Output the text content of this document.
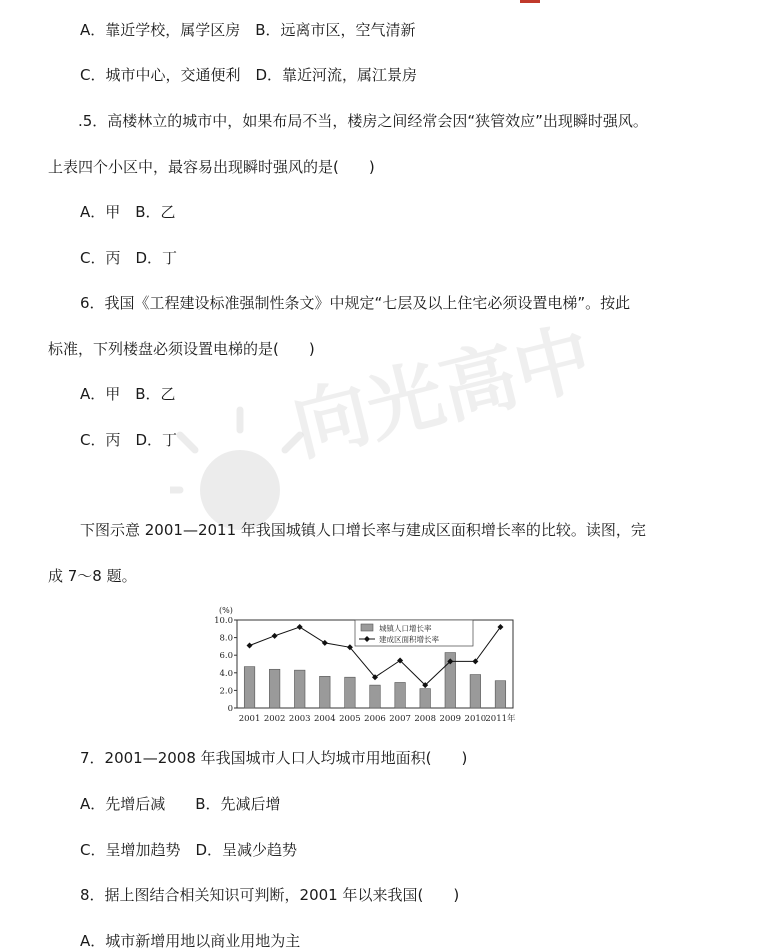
向光高中
A．靠近学校，属学区房　B．远离市区，空气清新
C．城市中心，交通便利　D．靠近河流，属江景房
.5．高楼林立的城市中，如果布局不当，楼房之间经常会因“狭管效应”出现瞬时强风。
上表四个小区中，最容易出现瞬时强风的是(　　)
A．甲　B．乙
C．丙　D．丁
6．我国《工程建设标准强制性条文》中规定“七层及以上住宅必须设置电梯”。按此
标准，下列楼盘必须设置电梯的是(　　)
A．甲　B．乙
C．丙　D．丁
下图示意 2001—2011 年我国城镇人口增长率与建成区面积增长率的比较。读图，完
成 7～8 题。
7．2001—2008 年我国城市人口人均城市用地面积(　　)
A．先增后减　　B．先减后增
C．呈增加趋势　D．呈减少趋势
8．据上图结合相关知识可判断，2001 年以来我国(　　)
A．城市新增用地以商业用地为主
(%)
0
2.0
4.0
6.0
8.0
10.0
2001 2002 2003 2004 2005 2006 2007 2008 2009 2010 2011年
城镇人口增长率
建成区面积增长率
